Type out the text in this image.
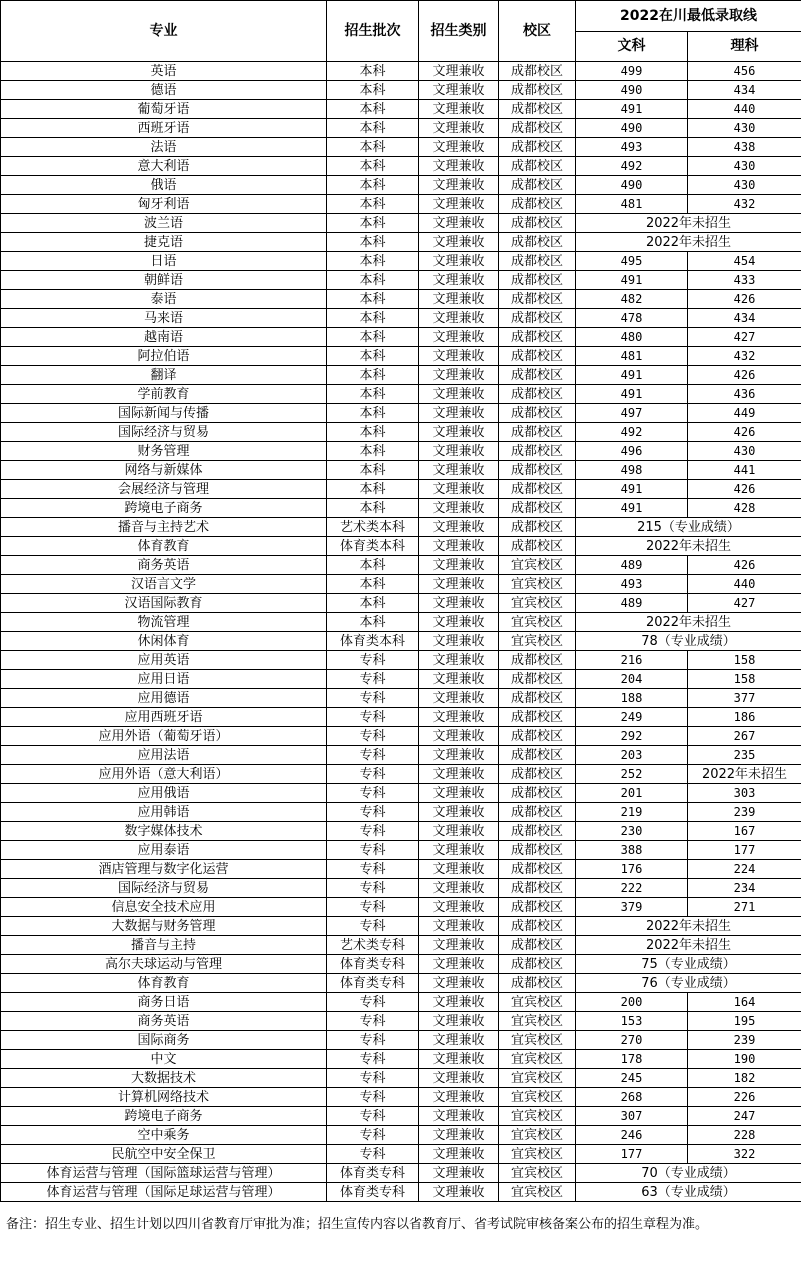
专业	招生批次	招生类别	校区	2022在川最低录取线	
				文科	理科
英语	本科	文理兼收	成都校区	499	456
德语	本科	文理兼收	成都校区	490	434
葡萄牙语	本科	文理兼收	成都校区	491	440
西班牙语	本科	文理兼收	成都校区	490	430
法语	本科	文理兼收	成都校区	493	438
意大利语	本科	文理兼收	成都校区	492	430
俄语	本科	文理兼收	成都校区	490	430
匈牙利语	本科	文理兼收	成都校区	481	432
波兰语	本科	文理兼收	成都校区	2022年未招生	
捷克语	本科	文理兼收	成都校区	2022年未招生	
日语	本科	文理兼收	成都校区	495	454
朝鲜语	本科	文理兼收	成都校区	491	433
泰语	本科	文理兼收	成都校区	482	426
马来语	本科	文理兼收	成都校区	478	434
越南语	本科	文理兼收	成都校区	480	427
阿拉伯语	本科	文理兼收	成都校区	481	432
翻译	本科	文理兼收	成都校区	491	426
学前教育	本科	文理兼收	成都校区	491	436
国际新闻与传播	本科	文理兼收	成都校区	497	449
国际经济与贸易	本科	文理兼收	成都校区	492	426
财务管理	本科	文理兼收	成都校区	496	430
网络与新媒体	本科	文理兼收	成都校区	498	441
会展经济与管理	本科	文理兼收	成都校区	491	426
跨境电子商务	本科	文理兼收	成都校区	491	428
播音与主持艺术	艺术类本科	文理兼收	成都校区	215（专业成绩）	
体育教育	体育类本科	文理兼收	成都校区	2022年未招生	
商务英语	本科	文理兼收	宜宾校区	489	426
汉语言文学	本科	文理兼收	宜宾校区	493	440
汉语国际教育	本科	文理兼收	宜宾校区	489	427
物流管理	本科	文理兼收	宜宾校区	2022年未招生	
休闲体育	体育类本科	文理兼收	宜宾校区	78（专业成绩）	
应用英语	专科	文理兼收	成都校区	216	158
应用日语	专科	文理兼收	成都校区	204	158
应用德语	专科	文理兼收	成都校区	188	377
应用西班牙语	专科	文理兼收	成都校区	249	186
应用外语（葡萄牙语）	专科	文理兼收	成都校区	292	267
应用法语	专科	文理兼收	成都校区	203	235
应用外语（意大利语）	专科	文理兼收	成都校区	252	2022年未招生
应用俄语	专科	文理兼收	成都校区	201	303
应用韩语	专科	文理兼收	成都校区	219	239
数字媒体技术	专科	文理兼收	成都校区	230	167
应用泰语	专科	文理兼收	成都校区	388	177
酒店管理与数字化运营	专科	文理兼收	成都校区	176	224
国际经济与贸易	专科	文理兼收	成都校区	222	234
信息安全技术应用	专科	文理兼收	成都校区	379	271
大数据与财务管理	专科	文理兼收	成都校区	2022年未招生	
播音与主持	艺术类专科	文理兼收	成都校区	2022年未招生	
高尔夫球运动与管理	体育类专科	文理兼收	成都校区	75（专业成绩）	
体育教育	体育类专科	文理兼收	成都校区	76（专业成绩）	
商务日语	专科	文理兼收	宜宾校区	200	164
商务英语	专科	文理兼收	宜宾校区	153	195
国际商务	专科	文理兼收	宜宾校区	270	239
中文	专科	文理兼收	宜宾校区	178	190
大数据技术	专科	文理兼收	宜宾校区	245	182
计算机网络技术	专科	文理兼收	宜宾校区	268	226
跨境电子商务	专科	文理兼收	宜宾校区	307	247
空中乘务	专科	文理兼收	宜宾校区	246	228
民航空中安全保卫	专科	文理兼收	宜宾校区	177	322
体育运营与管理（国际篮球运营与管理）	体育类专科	文理兼收	宜宾校区	70（专业成绩）	
体育运营与管理（国际足球运营与管理）	体育类专科	文理兼收	宜宾校区	63（专业成绩）	
备注：招生专业、招生计划以四川省教育厅审批为准；招生宣传内容以省教育厅、省考试院审核备案公布的招生章程为准。
